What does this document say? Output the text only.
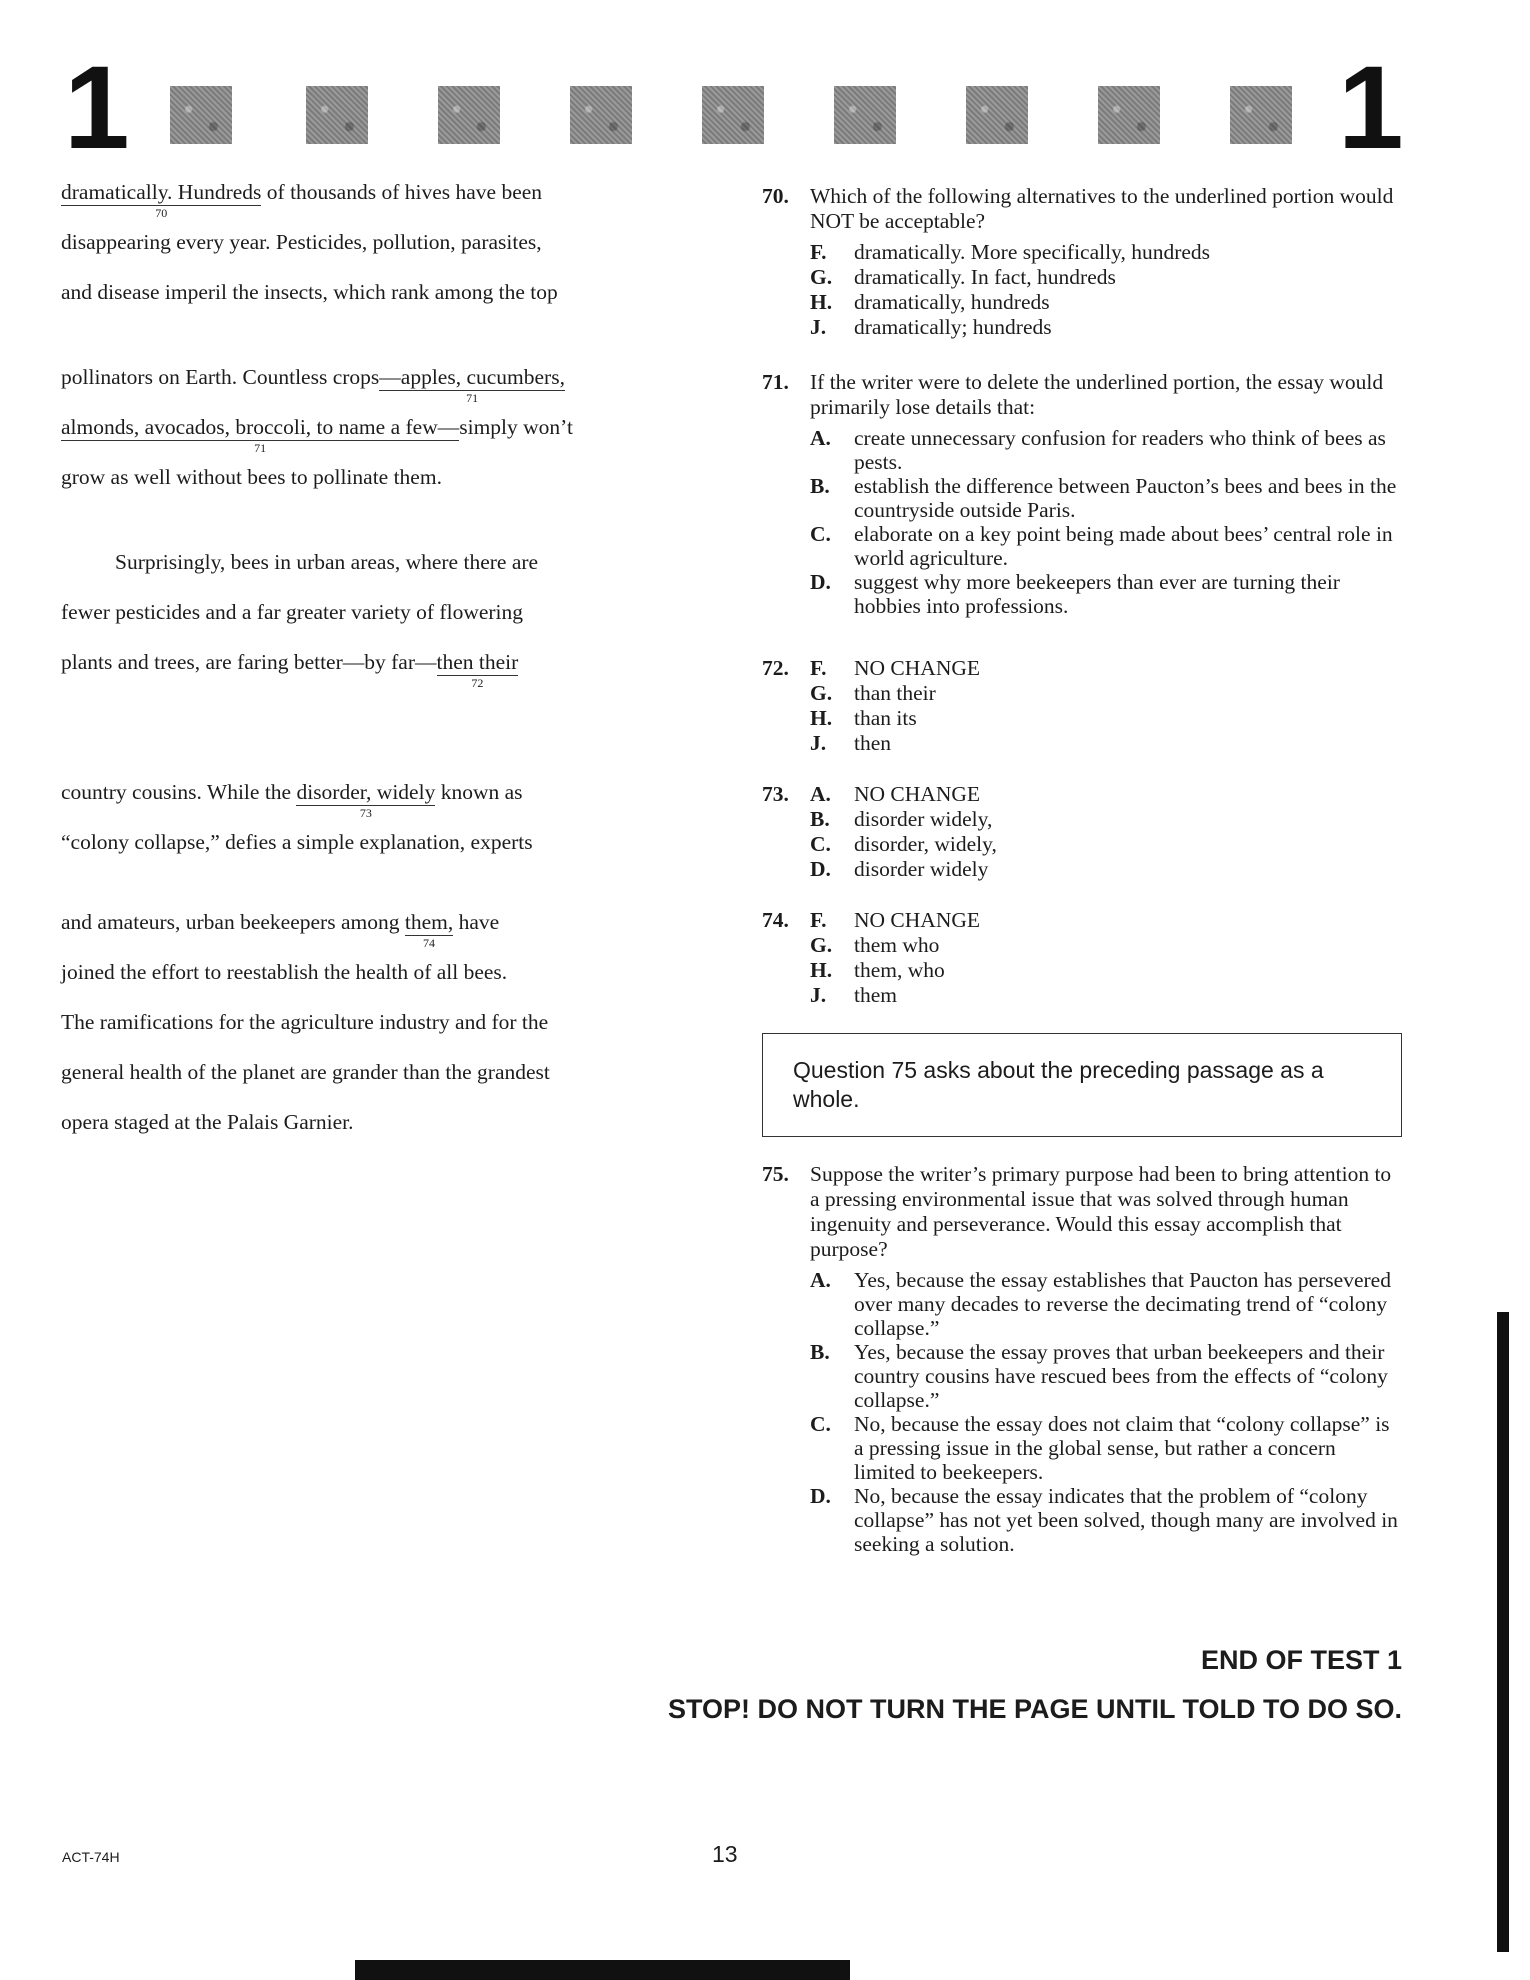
1	1
dramatically. Hundreds
70
of thousands of hives have been
disappearing every year. Pesticides, pollution, parasites,
and disease imperil the insects, which rank among the top
pollinators on Earth. Countless crops—apples, cucumbers,
71
almonds, avocados, broccoli, to name a few—
71
simply won’t
grow as well without bees to pollinate them.
Surprisingly, bees in urban areas, where there are
fewer pesticides and a far greater variety of flowering
plants and trees, are faring better—by far—then their
72
country cousins. While the disorder, widely
73
known as
“colony collapse,” defies a simple explanation, experts
and amateurs, urban beekeepers among them,
74
have
joined the effort to reestablish the health of all bees.
The ramifications for the agriculture industry and for the
general health of the planet are grander than the grandest
opera staged at the Palais Garnier.
70. Which of the following alternatives to the underlined portion would NOT be acceptable?
F.	dramatically. More specifically, hundreds
G.	dramatically. In fact, hundreds
H.	dramatically, hundreds
J.	dramatically; hundreds
71. If the writer were to delete the underlined portion, the essay would primarily lose details that:
A.	create unnecessary confusion for readers who think of bees as pests.
B.	establish the difference between Paucton’s bees and bees in the countryside outside Paris.
C.	elaborate on a key point being made about bees’ central role in world agriculture.
D.	suggest why more beekeepers than ever are turning their hobbies into professions.
72. F.	NO CHANGE
G.	than their
H.	than its
J.	then
73. A.	NO CHANGE
B.	disorder widely,
C.	disorder, widely,
D.	disorder widely
74. F.	NO CHANGE
G.	them who
H.	them, who
J.	them
75. Suppose the writer’s primary purpose had been to bring attention to a pressing environmental issue that was solved through human ingenuity and perseverance. Would this essay accomplish that purpose?
A.	Yes, because the essay establishes that Paucton has persevered over many decades to reverse the decimating trend of “colony collapse.”
B.	Yes, because the essay proves that urban beekeepers and their country cousins have rescued bees from the effects of “colony collapse.”
C.	No, because the essay does not claim that “colony collapse” is a pressing issue in the global sense, but rather a concern limited to beekeepers.
D.	No, because the essay indicates that the problem of “colony collapse” has not yet been solved, though many are involved in seeking a solution.
Question 75 asks about the preceding passage as a whole.
END OF TEST 1
STOP! DO NOT TURN THE PAGE UNTIL TOLD TO DO SO.
ACT-74H	13
